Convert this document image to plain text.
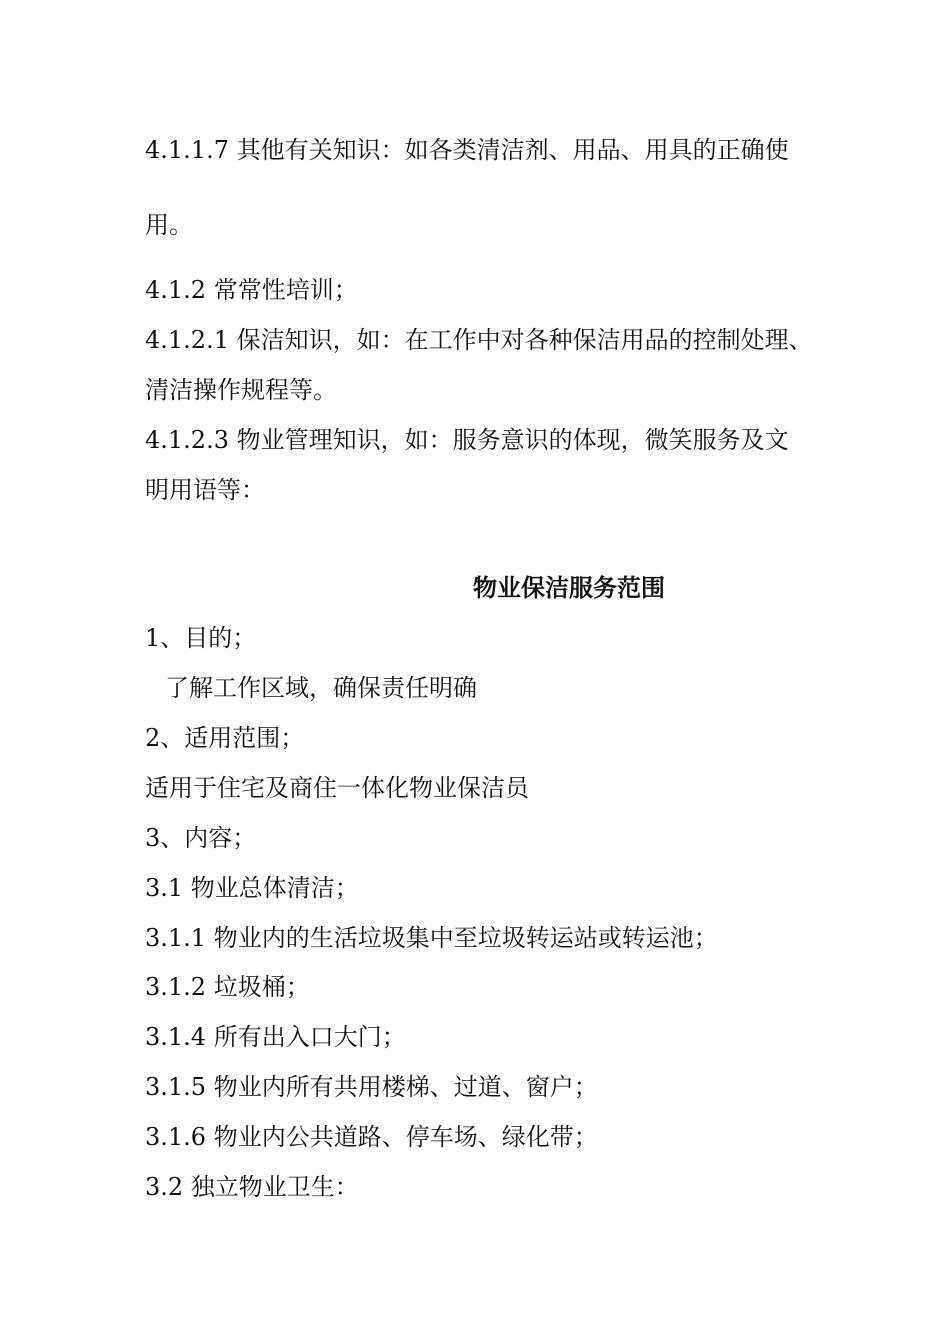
4.1.1.7 其他有关知识：如各类清洁剂、用品、用具的正确使
用。
4.1.2 常常性培训；
4.1.2.1 保洁知识，如：在工作中对各种保洁用品的控制处理、
清洁操作规程等。
4.1.2.3 物业管理知识，如：服务意识的体现，微笑服务及文
明用语等：
物业保洁服务范围
1、目的；
了解工作区域，确保责任明确
2、适用范围；
适用于住宅及商住一体化物业保洁员
3、内容；
3.1 物业总体清洁；
3.1.1 物业内的生活垃圾集中至垃圾转运站或转运池；
3.1.2 垃圾桶；
3.1.4 所有出入口大门；
3.1.5 物业内所有共用楼梯、过道、窗户；
3.1.6 物业内公共道路、停车场、绿化带；
3.2 独立物业卫生：
